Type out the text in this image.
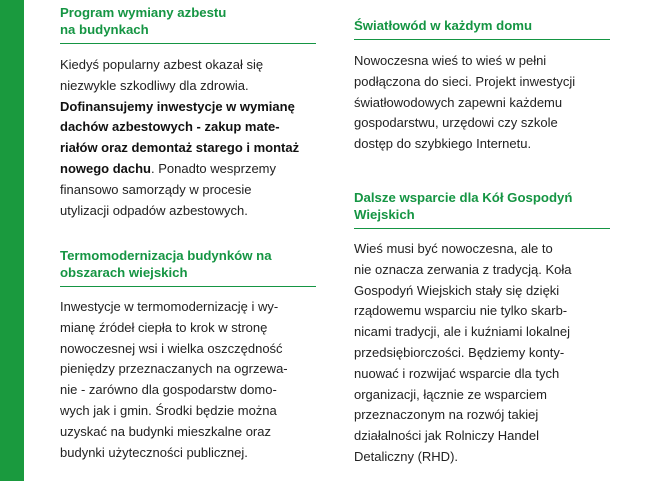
Program wymiany azbestu
na budynkach

Kiedyś popularny azbest okazał się
niezwykle szkodliwy dla zdrowia.
Dofinansujemy inwestycje w wymianę
dachów azbestowych - zakup mate-
riałów oraz demontaż starego i montaż
nowego dachu. Ponadto wesprzemy
finansowo samorządy w procesie
utylizacji odpadów azbestowych.

Termomodernizacja budynków na
obszarach wiejskich

Inwestycje w termomodernizację i wy-
mianę źródeł ciepła to krok w stronę
nowoczesnej wsi i wielka oszczędność
pieniędzy przeznaczanych na ogrzewa-
nie - zarówno dla gospodarstw domo-
wych jak i gmin. Środki będzie można
uzyskać na budynki mieszkalne oraz
budynki użyteczności publicznej.

Światłowód w każdym domu

Nowoczesna wieś to wieś w pełni
podłączona do sieci. Projekt inwestycji
światłowodowych zapewni każdemu
gospodarstwu, urzędowi czy szkole
dostęp do szybkiego Internetu.

Dalsze wsparcie dla Kół Gospodyń
Wiejskich

Wieś musi być nowoczesna, ale to
nie oznacza zerwania z tradycją. Koła
Gospodyń Wiejskich stały się dzięki
rządowemu wsparciu nie tylko skarb-
nicami tradycji, ale i kuźniami lokalnej
przedsiębiorczości. Będziemy konty-
nuować i rozwijać wsparcie dla tych
organizacji, łącznie ze wsparciem
przeznaczonym na rozwój takiej
działalności jak Rolniczy Handel
Detaliczny (RHD).
